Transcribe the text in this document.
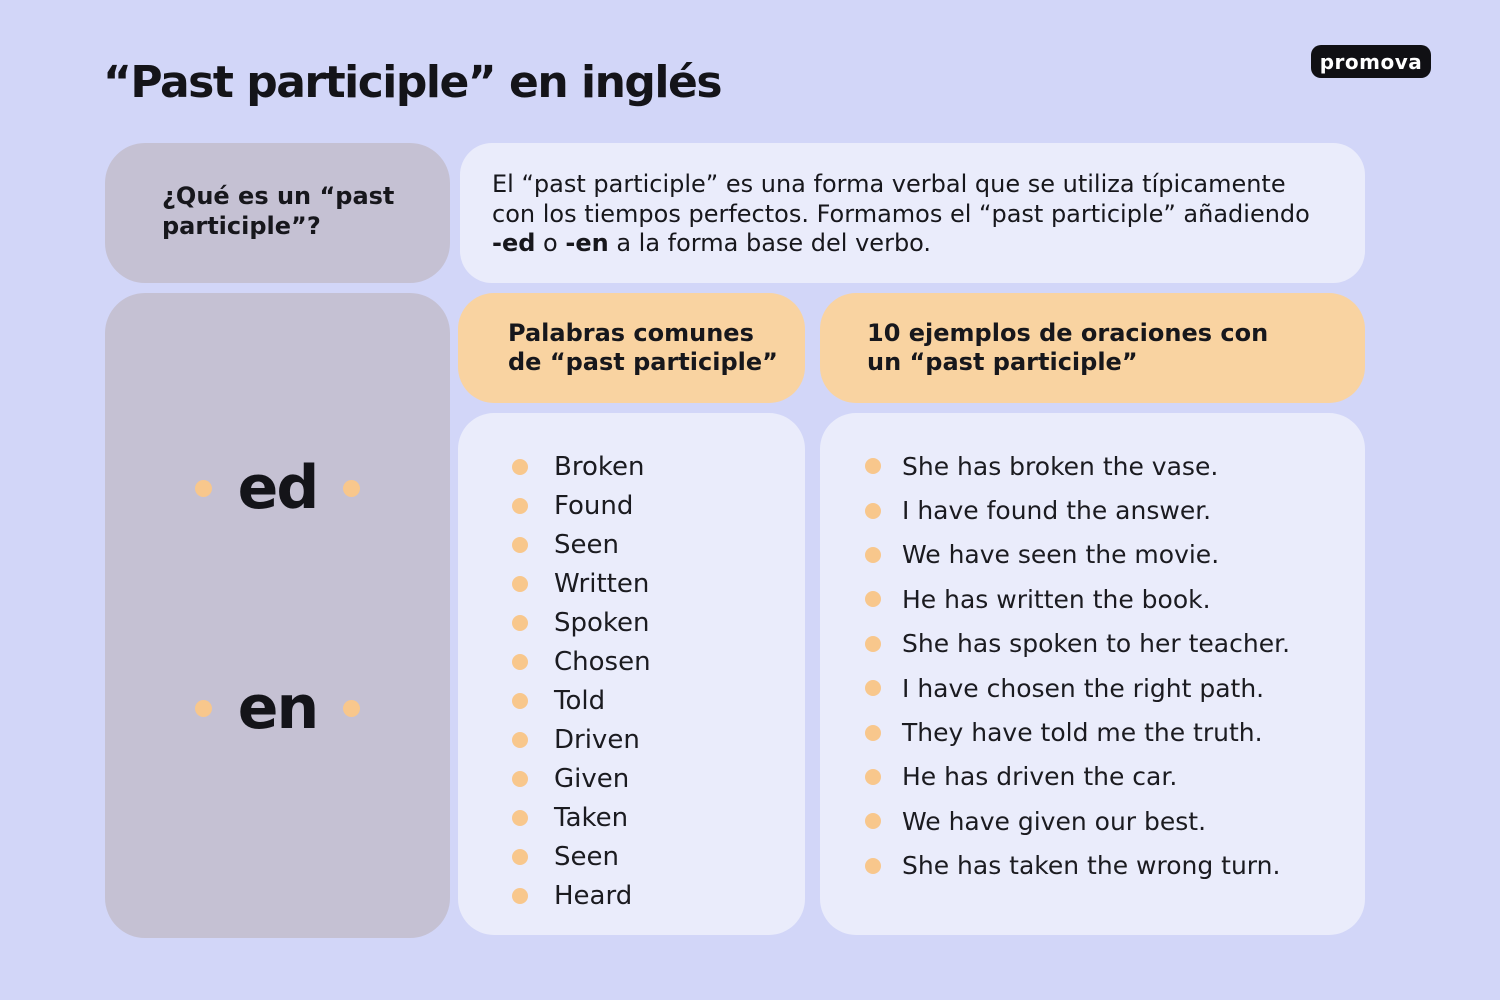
“Past participle” en inglés	promova
¿Qué es un “past participle”?
El “past participle” es una forma verbal que se utiliza típicamente con los tiempos perfectos. Formamos el “past participle” añadiendo -ed o -en a la forma base del verbo.
ed
en
Palabras comunes
de “past participle”
10 ejemplos de oraciones con
un “past participle”
Broken
Found
Seen
Written
Spoken
Chosen
Told
Driven
Given
Taken
Seen
Heard
She has broken the vase.
I have found the answer.
We have seen the movie.
He has written the book.
She has spoken to her teacher.
I have chosen the right path.
They have told me the truth.
He has driven the car.
We have given our best.
She has taken the wrong turn.
